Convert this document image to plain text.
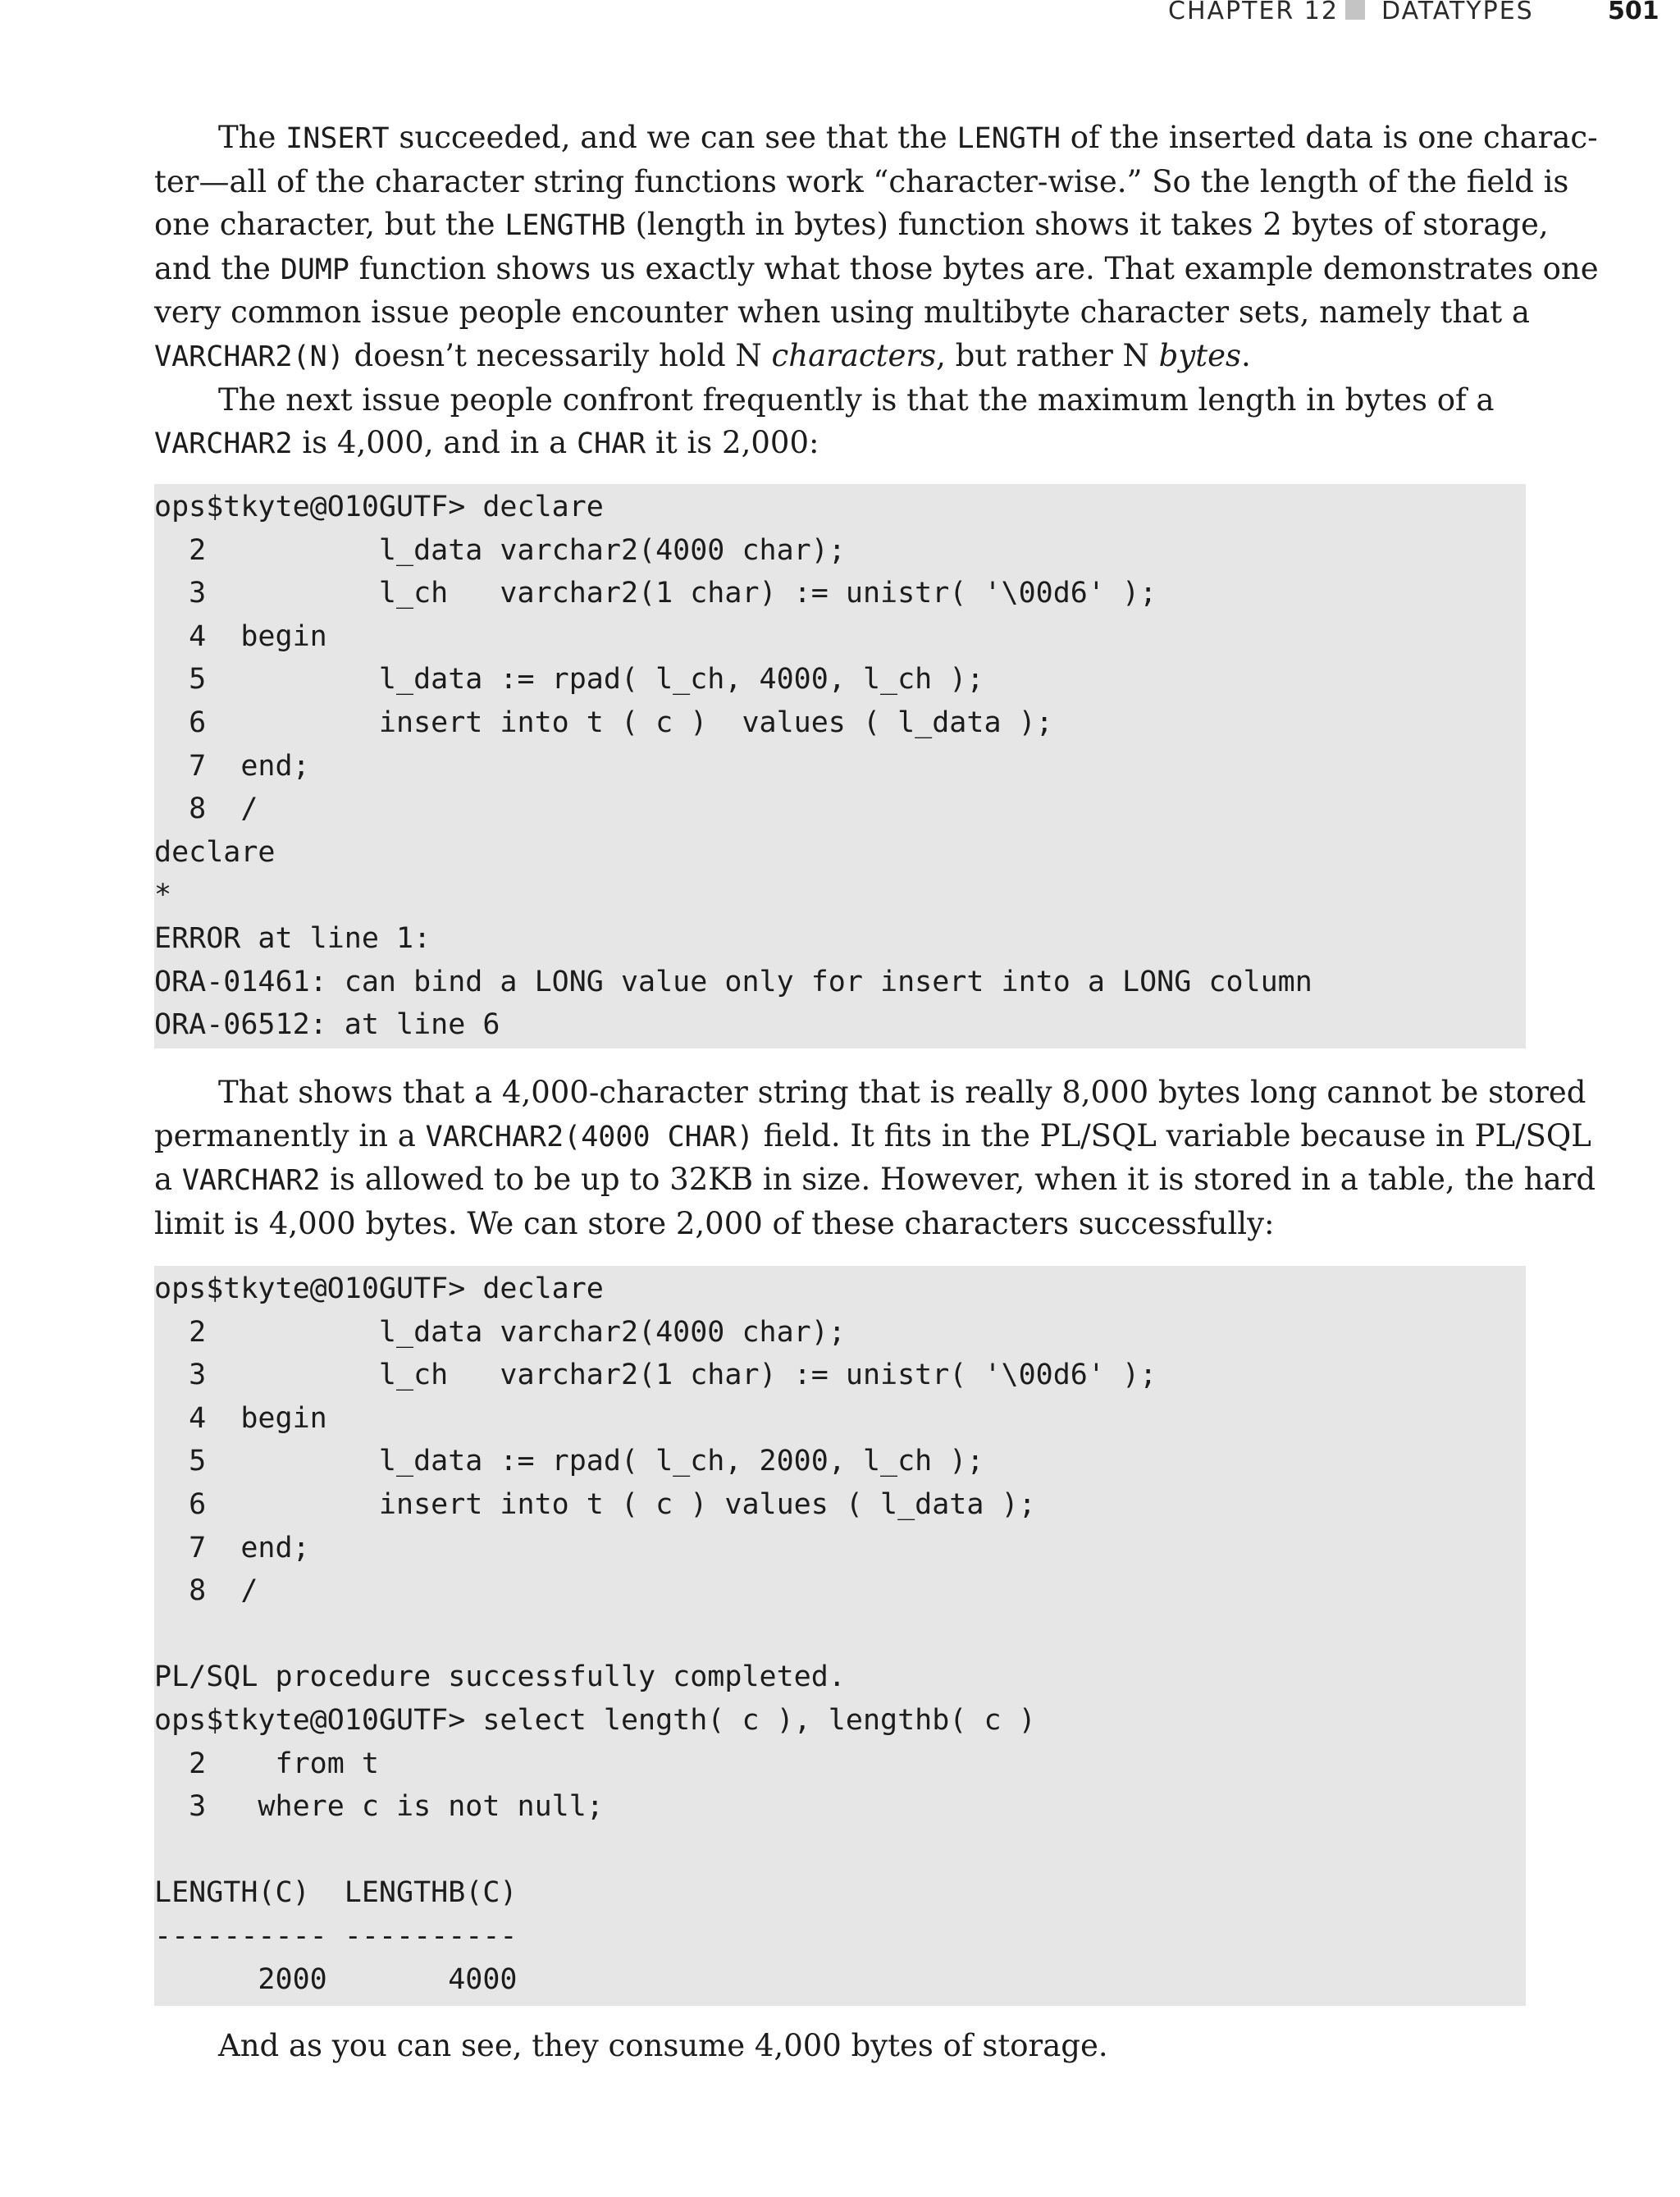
CHAPTER 12 DATATYPES	501
The INSERT succeeded, and we can see that the LENGTH of the inserted data is one charac-
ter—all of the character string functions work “character-wise.” So the length of the field is
one character, but the LENGTHB (length in bytes) function shows it takes 2 bytes of storage,
and the DUMP function shows us exactly what those bytes are. That example demonstrates one
very common issue people encounter when using multibyte character sets, namely that a
VARCHAR2(N) doesn’t necessarily hold N characters, but rather N bytes.
The next issue people confront frequently is that the maximum length in bytes of a
VARCHAR2 is 4,000, and in a CHAR it is 2,000:
ops$tkyte@O10GUTF> declare
2          l_data varchar2(4000 char);
3          l_ch   varchar2(1 char) := unistr( '\00d6' );
4  begin
5          l_data := rpad( l_ch, 4000, l_ch );
6          insert into t ( c )  values ( l_data );
7  end;
8  /
declare
*
ERROR at line 1:
ORA-01461: can bind a LONG value only for insert into a LONG column
ORA-06512: at line 6
That shows that a 4,000-character string that is really 8,000 bytes long cannot be stored
permanently in a VARCHAR2(4000 CHAR) field. It fits in the PL/SQL variable because in PL/SQL
a VARCHAR2 is allowed to be up to 32KB in size. However, when it is stored in a table, the hard
limit is 4,000 bytes. We can store 2,000 of these characters successfully:
ops$tkyte@O10GUTF> declare
2          l_data varchar2(4000 char);
3          l_ch   varchar2(1 char) := unistr( '\00d6' );
4  begin
5          l_data := rpad( l_ch, 2000, l_ch );
6          insert into t ( c ) values ( l_data );
7  end;
8  /
PL/SQL procedure successfully completed.
ops$tkyte@O10GUTF> select length( c ), lengthb( c )
2    from t
3   where c is not null;
LENGTH(C)  LENGTHB(C)
---------- ----------
2000       4000
And as you can see, they consume 4,000 bytes of storage.
